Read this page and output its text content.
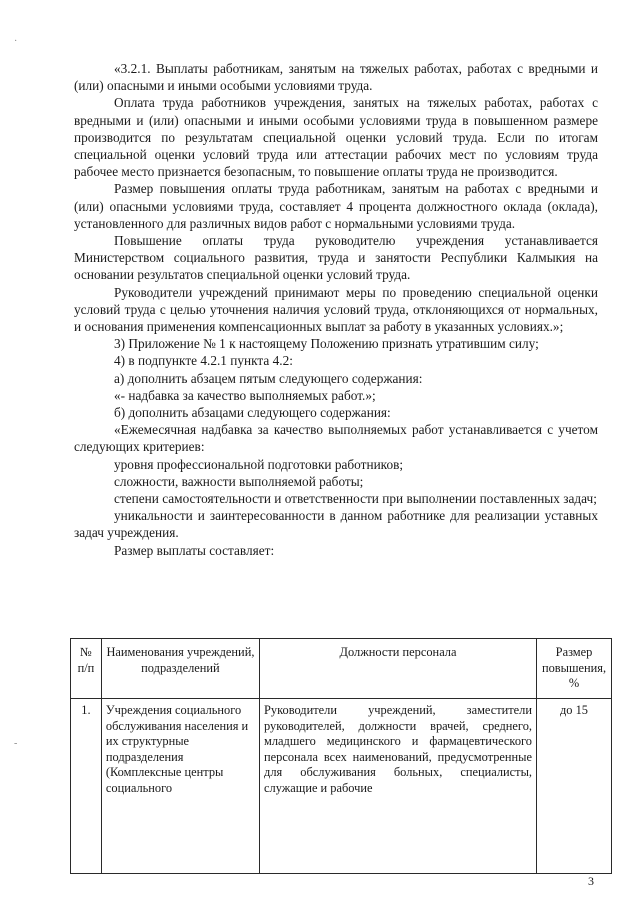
«3.2.1. Выплаты работникам, занятым на тяжелых работах, работах с вредными и (или) опасными и иными особыми условиями труда.

Оплата труда работников учреждения, занятых на тяжелых работах, работах с вредными и (или) опасными и иными особыми условиями труда в повышенном размере производится по результатам специальной оценки условий труда. Если по итогам специальной оценки условий труда или аттестации рабочих мест по условиям труда рабочее место признается безопасным, то повышение оплаты труда не производится.

Размер повышения оплаты труда работникам, занятым на работах с вредными и (или) опасными условиями труда, составляет 4 процента должностного оклада (оклада), установленного для различных видов работ с нормальными условиями труда.

Повышение оплаты труда руководителю учреждения устанавливается Министерством социального развития, труда и занятости Республики Калмыкия на основании результатов специальной оценки условий труда.

Руководители учреждений принимают меры по проведению специальной оценки условий труда с целью уточнения наличия условий труда, отклоняющихся от нормальных, и основания применения компенсационных выплат за работу в указанных условиях.»;

3) Приложение № 1 к настоящему Положению признать утратившим силу;

4) в подпункте 4.2.1 пункта 4.2:

а) дополнить абзацем пятым следующего содержания:

«- надбавка за качество выполняемых работ.»;

б) дополнить абзацами следующего содержания:

«Ежемесячная надбавка за качество выполняемых работ устанавливается с учетом следующих критериев:

уровня профессиональной подготовки работников;

сложности, важности выполняемой работы;

степени самостоятельности и ответственности при выполнении поставленных задач;

уникальности и заинтересованности в данном работнике для реализации уставных задач учреждения.

Размер выплаты составляет:

№ п/п	Наименования учреждений, подразделений	Должности персонала	Размер повышения, %
1.	Учреждения социального обслуживания населения и их структурные подразделения (Комплексные центры социального	Руководители учреждений, заместители руководителей, должности врачей, среднего, младшего медицинского и фармацевтического персонала всех наименований, предусмотренные для обслуживания больных, специалисты, служащие и рабочие	до 15
3
·
-
